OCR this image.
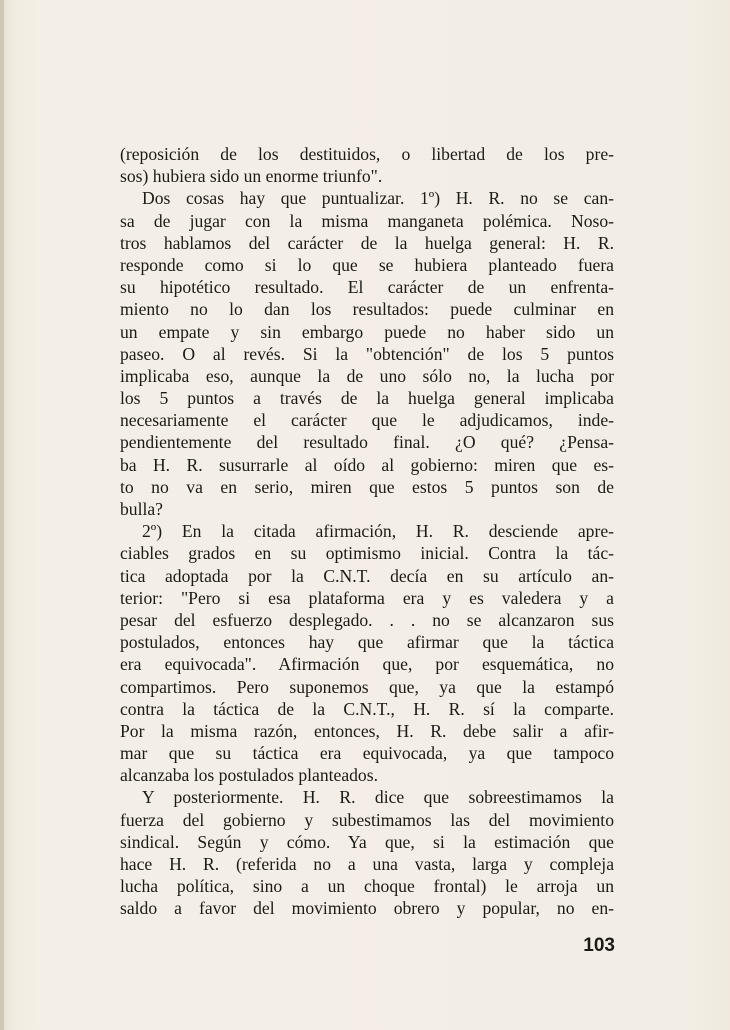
(reposición de los destituidos, o libertad de los pre-
sos) hubiera sido un enorme triunfo".
Dos cosas hay que puntualizar. 1º) H. R. no se can-
sa de jugar con la misma manganeta polémica. Noso-
tros hablamos del carácter de la huelga general: H. R.
responde como si lo que se hubiera planteado fuera
su hipotético resultado. El carácter de un enfrenta-
miento no lo dan los resultados: puede culminar en
un empate y sin embargo puede no haber sido un
paseo. O al revés. Si la "obtención" de los 5 puntos
implicaba eso, aunque la de uno sólo no, la lucha por
los 5 puntos a través de la huelga general implicaba
necesariamente el carácter que le adjudicamos, inde-
pendientemente del resultado final. ¿O qué? ¿Pensa-
ba H. R. susurrarle al oído al gobierno: miren que es-
to no va en serio, miren que estos 5 puntos son de
bulla?
2º) En la citada afirmación, H. R. desciende apre-
ciables grados en su optimismo inicial. Contra la tác-
tica adoptada por la C.N.T. decía en su artículo an-
terior: "Pero si esa plataforma era y es valedera y a
pesar del esfuerzo desplegado. . . no se alcanzaron sus
postulados, entonces hay que afirmar que la táctica
era equivocada". Afirmación que, por esquemática, no
compartimos. Pero suponemos que, ya que la estampó
contra la táctica de la C.N.T., H. R. sí la comparte.
Por la misma razón, entonces, H. R. debe salir a afir-
mar que su táctica era equivocada, ya que tampoco
alcanzaba los postulados planteados.
Y posteriormente. H. R. dice que sobreestimamos la
fuerza del gobierno y subestimamos las del movimiento
sindical. Según y cómo. Ya que, si la estimación que
hace H. R. (referida no a una vasta, larga y compleja
lucha política, sino a un choque frontal) le arroja un
saldo a favor del movimiento obrero y popular, no en-
103
